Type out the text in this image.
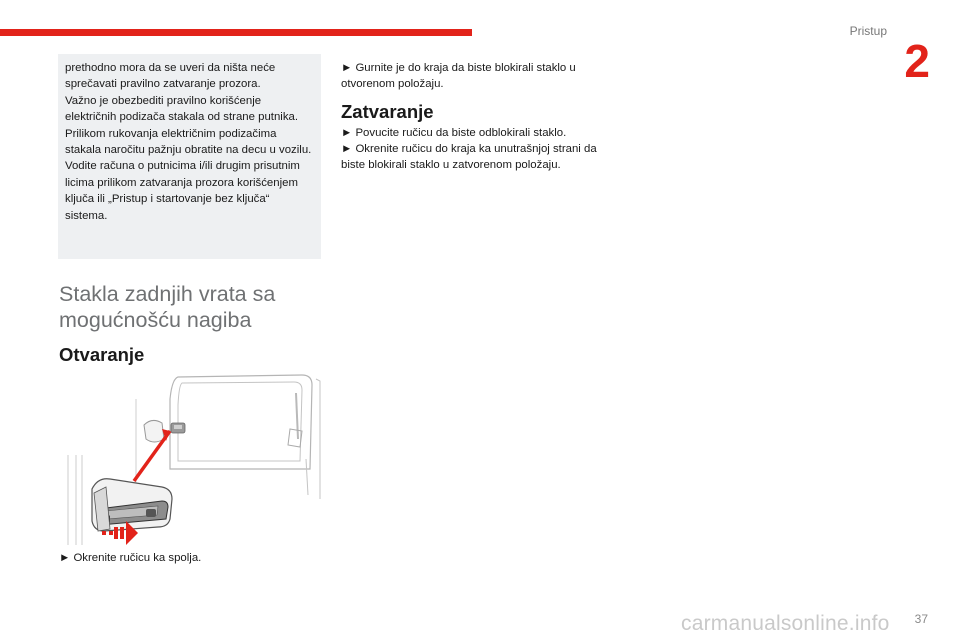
Pristup
2

prethodno mora da se uveri da ništa neće sprečavati pravilno zatvaranje prozora.

Važno je obezbediti pravilno korišćenje električnih podizača stakala od strane putnika.

Prilikom rukovanja električnim podizačima stakala naročitu pažnju obratite na decu u vozilu.

Vodite računa o putnicima i/ili drugim prisutnim licima prilikom zatvaranja prozora korišćenjem ključa ili „Pristup i startovanje bez ključa“ sistema.

Stakla zadnjih vrata sa mogućnošću nagiba
Otvaranje
► Okrenite ručicu ka spolja.
► Gurnite je do kraja da biste blokirali staklo u otvorenom položaju.
Zatvaranje
► Povucite ručicu da biste odblokirali staklo.
► Okrenite ručicu do kraja ka unutrašnjoj strani da biste blokirali staklo u zatvorenom položaju.
carmanualsonline.info 37
